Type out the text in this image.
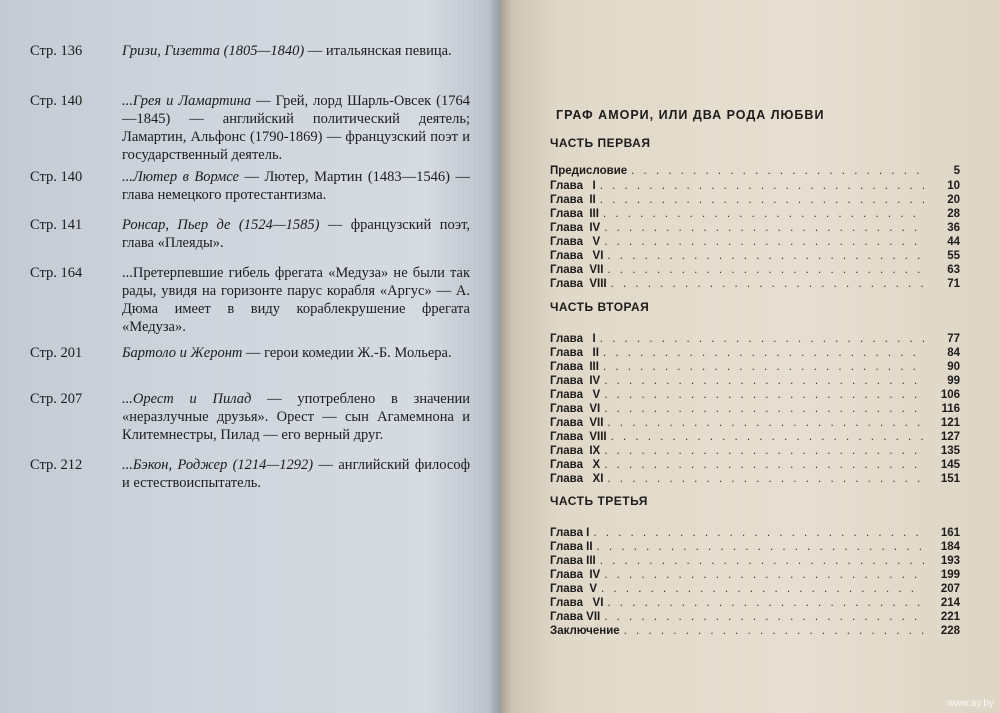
Стр. 136	Гризи, Гизетта (1805—1840) — итальянская певица.
Стр. 140	...Грея и Ламартина — Грей, лорд Шарль-Овсек (1764—1845) — английский политический деятель; Ламартин, Альфонс (1790-1869) — французский поэт и государственный деятель.
Стр. 140	...Лютер в Вормсе — Лютер, Мартин (1483—1546) — глава немецкого протестантизма.
Стр. 141	Ронсар, Пьер де (1524—1585) — французский поэт, глава «Плеяды».
Стр. 164	...Претерпевшие гибель фрегата «Медуза» не были так рады, увидя на горизонте парус корабля «Аргус» — А. Дюма имеет в виду кораблекрушение фрегата «Медуза».
Стр. 201	Бартоло и Жеронт — герои комедии Ж.-Б. Мольера.
Стр. 207	...Орест и Пилад — употреблено в значении «неразлучные друзья». Орест — сын Агамемнона и Клитемнестры, Пилад — его верный друг.
Стр. 212	...Бэкон, Роджер (1214—1292) — английский философ и естествоиспытатель.
ГРАФ АМОРИ, ИЛИ ДВА РОДА ЛЮБВИ
ЧАСТЬ ПЕРВАЯ
Предисловие . . .	5
Глава   I . . .	10
Глава  II . . .	20
Глава  III . . .	28
Глава  IV . . .	36
Глава   V . . .	44
Глава   VI . . .	55
Глава  VII . . .	63
Глава  VIII . . .	71
ЧАСТЬ ВТОРАЯ
Глава   I . . .	77
Глава   II . . .	84
Глава  III . . .	90
Глава  IV . . .	99
Глава   V . . .	106
Глава  VI . . .	116
Глава  VII . . .	121
Глава  VIII . . .	127
Глава  IX . . .	135
Глава   X . . .	145
Глава   XI . . .	151
ЧАСТЬ ТРЕТЬЯ
Глава I . . .	161
Глава II . . .	184
Глава III . . .	193
Глава  IV . . .	199
Глава  V . . .	207
Глава   VI . . .	214
Глава VII . . .	221
Заключение . . .	228
www.ay.by
